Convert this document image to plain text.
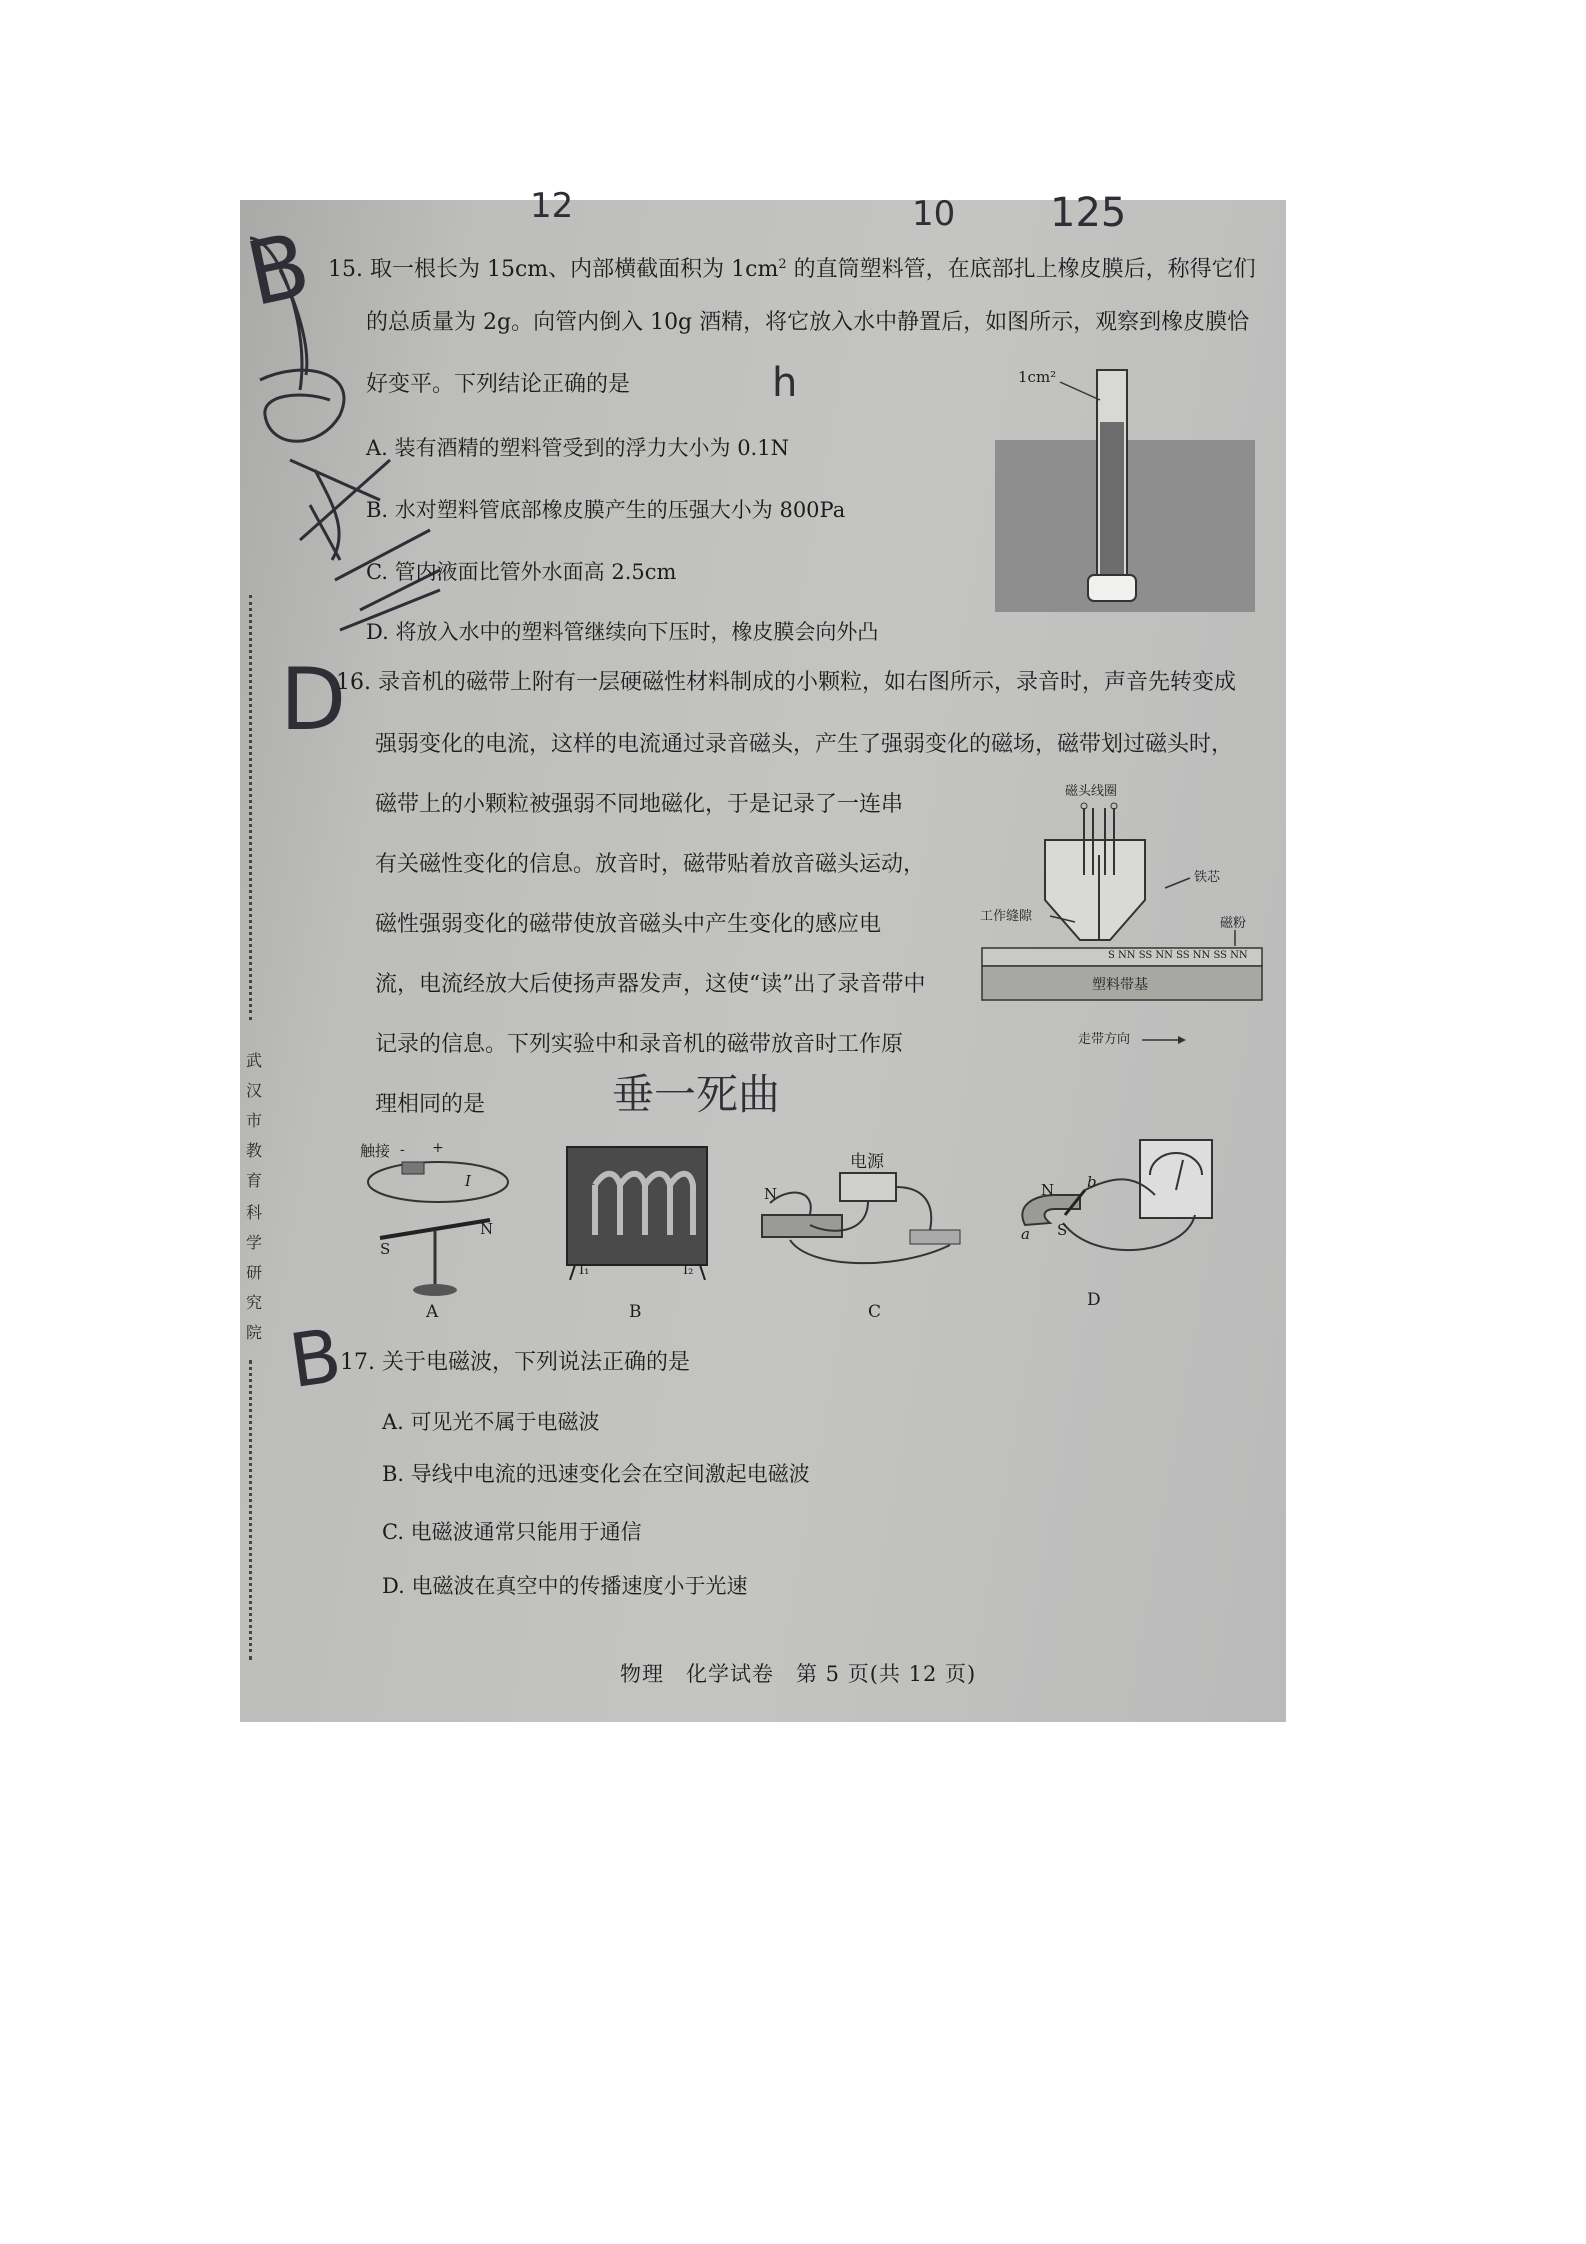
武
汉
市
教
育
科
学
研
究
院
12	10 125
B
h
D
垂一死曲
B
15. 取一根长为 15cm、内部横截面积为 $1cm^2$ 的直筒塑料管，在底部扎上橡皮膜后，称得它们
的总质量为 2g。向管内倒入 10g 酒精，将它放入水中静置后，如图所示，观察到橡皮膜恰
好变平。下列结论正确的是
A. 装有酒精的塑料管受到的浮力大小为 0.1N
B. 水对塑料管底部橡皮膜产生的压强大小为 800Pa
C. 管内液面比管外水面高 2.5cm
D. 将放入水中的塑料管继续向下压时，橡皮膜会向外凸
1cm²
16. 录音机的磁带上附有一层硬磁性材料制成的小颗粒，如右图所示，录音时，声音先转变成
强弱变化的电流，这样的电流通过录音磁头，产生了强弱变化的磁场，磁带划过磁头时，
磁带上的小颗粒被强弱不同地磁化，于是记录了一连串
有关磁性变化的信息。放音时，磁带贴着放音磁头运动，
磁性强弱变化的磁带使放音磁头中产生变化的感应电
流，电流经放大后使扬声器发声，这使“读”出了录音带中
记录的信息。下列实验中和录音机的磁带放音时工作原
理相同的是
磁头线圈
铁芯
工作缝隙	磁粉
S NN SS NN SS NN SS NN
塑料带基
走带方向
触接 - +
I
S
N
A
I₁	I₂
B
电源
N
C
N b
S
a
D
17. 关于电磁波，下列说法正确的是
A. 可见光不属于电磁波
B. 导线中电流的迅速变化会在空间激起电磁波
C. 电磁波通常只能用于通信
D. 电磁波在真空中的传播速度小于光速
物理　化学试卷　第 5 页(共 12 页)
